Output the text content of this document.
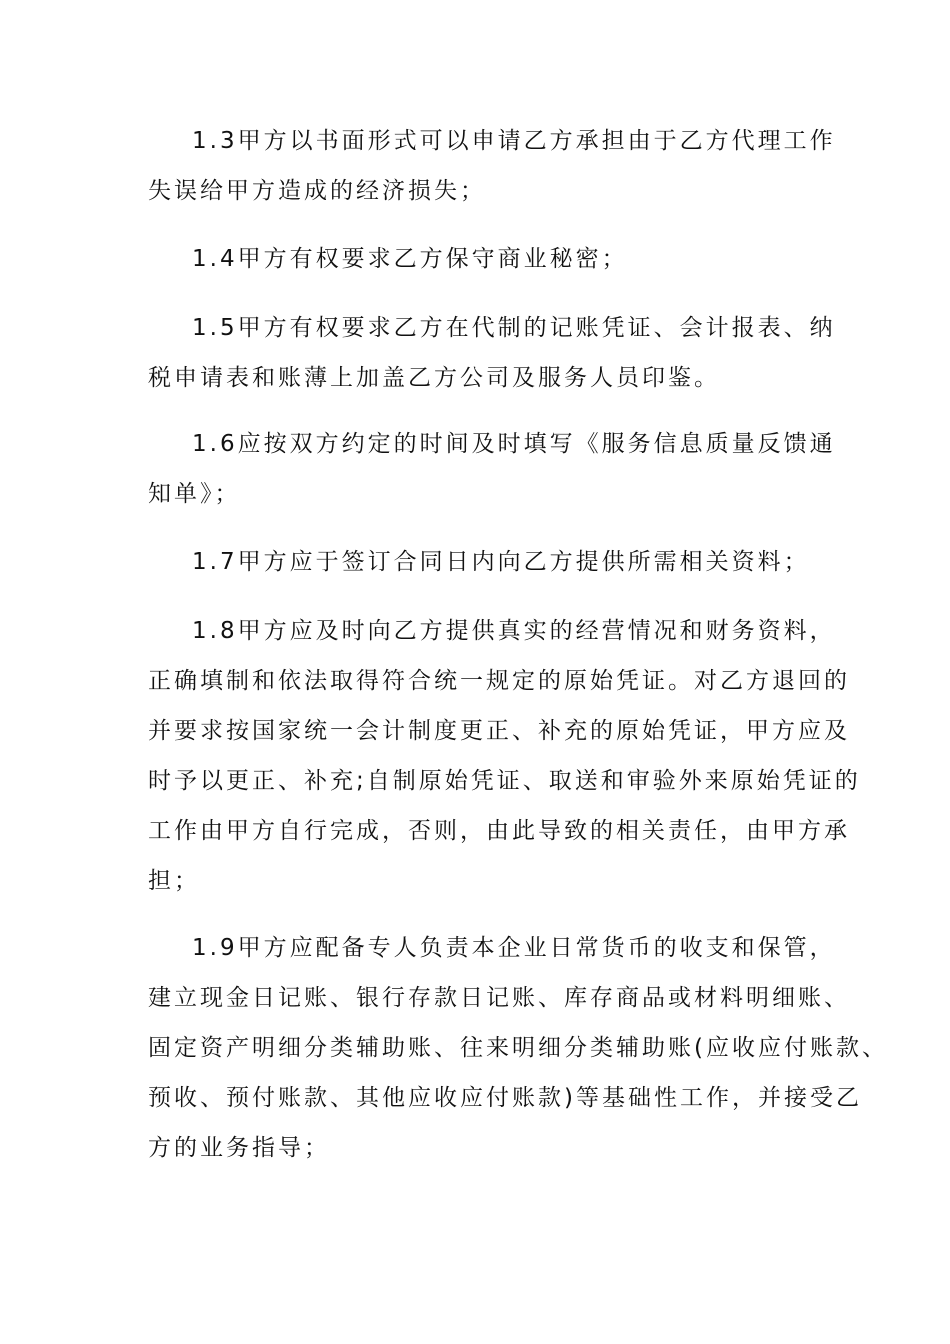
1.3甲方以书面形式可以申请乙方承担由于乙方代理工作
失误给甲方造成的经济损失；
1.4甲方有权要求乙方保守商业秘密；
1.5甲方有权要求乙方在代制的记账凭证、会计报表、纳
税申请表和账薄上加盖乙方公司及服务人员印鉴。
1.6应按双方约定的时间及时填写《服务信息质量反馈通
知单》；
1.7甲方应于签订合同日内向乙方提供所需相关资料；
1.8甲方应及时向乙方提供真实的经营情况和财务资料，
正确填制和依法取得符合统一规定的原始凭证。对乙方退回的
并要求按国家统一会计制度更正、补充的原始凭证，甲方应及
时予以更正、补充;自制原始凭证、取送和审验外来原始凭证的
工作由甲方自行完成，否则，由此导致的相关责任，由甲方承
担；
1.9甲方应配备专人负责本企业日常货币的收支和保管，
建立现金日记账、银行存款日记账、库存商品或材料明细账、
固定资产明细分类辅助账、往来明细分类辅助账(应收应付账款、
预收、预付账款、其他应收应付账款)等基础性工作，并接受乙
方的业务指导；
